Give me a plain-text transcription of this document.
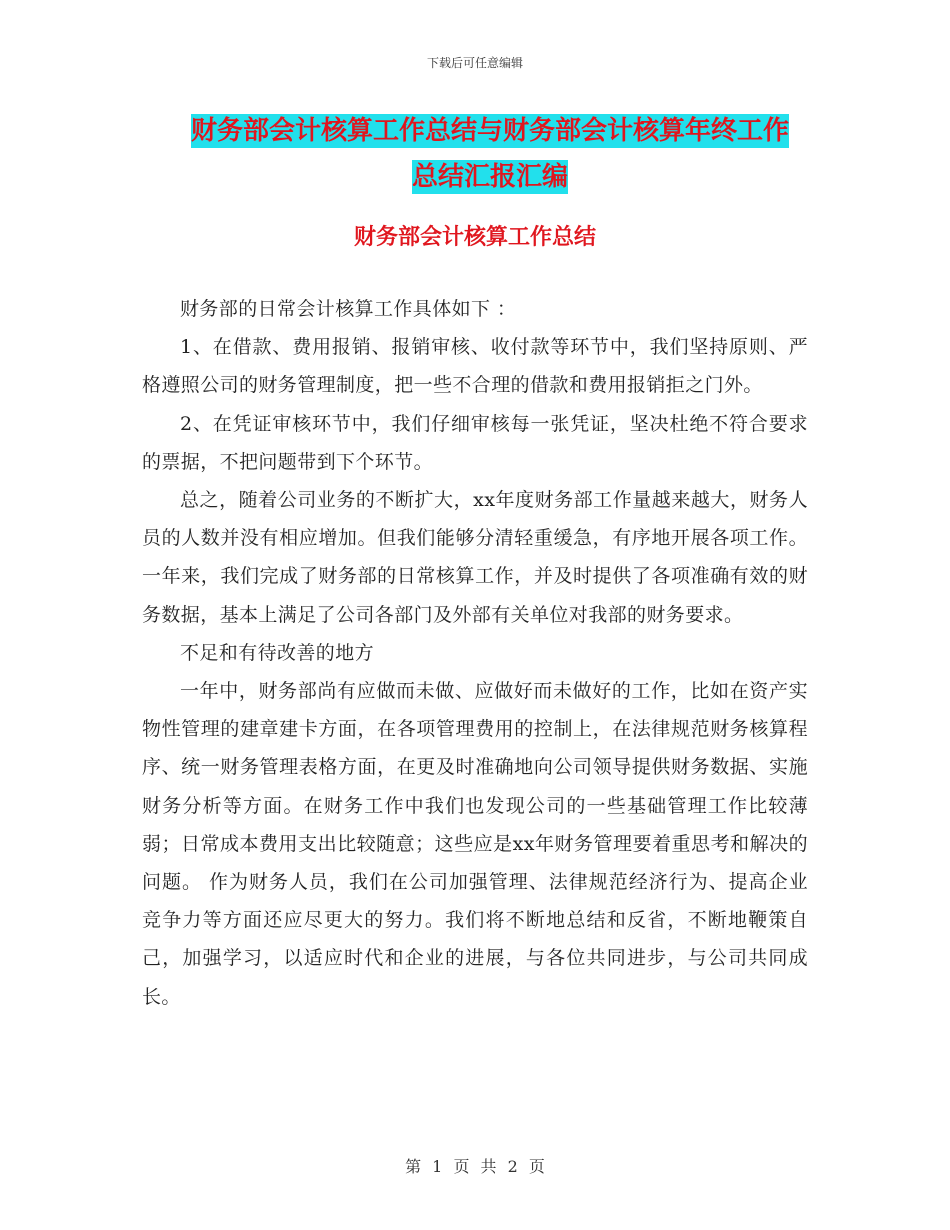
下载后可任意编辑
财务部会计核算工作总结与财务部会计核算年终工作
总结汇报汇编
财务部会计核算工作总结

财务部的日常会计核算工作具体如下 ：

1、在借款、费用报销、报销审核、收付款等环节中，我们坚持原则、严格遵照公司的财务管理制度，把一些不合理的借款和费用报销拒之门外。

2、在凭证审核环节中，我们仔细审核每一张凭证，坚决杜绝不符合要求的票据，不把问题带到下个环节。

总之，随着公司业务的不断扩大，xx年度财务部工作量越来越大，财务人员的人数并没有相应增加。但我们能够分清轻重缓急，有序地开展各项工作。一年来，我们完成了财务部的日常核算工作，并及时提供了各项准确有效的财务数据，基本上满足了公司各部门及外部有关单位对我部的财务要求。

不足和有待改善的地方

一年中，财务部尚有应做而未做、应做好而未做好的工作，比如在资产实物性管理的建章建卡方面，在各项管理费用的控制上，在法律规范财务核算程序、统一财务管理表格方面，在更及时准确地向公司领导提供财务数据、实施财务分析等方面。在财务工作中我们也发现公司的一些基础管理工作比较薄弱；日常成本费用支出比较随意；这些应是xx年财务管理要着重思考和解决的问题。 作为财务人员，我们在公司加强管理、法律规范经济行为、提高企业竞争力等方面还应尽更大的努力。我们将不断地总结和反省，不断地鞭策自己，加强学习，以适应时代和企业的进展，与各位共同进步，与公司共同成长。

第 1 页 共 2 页
